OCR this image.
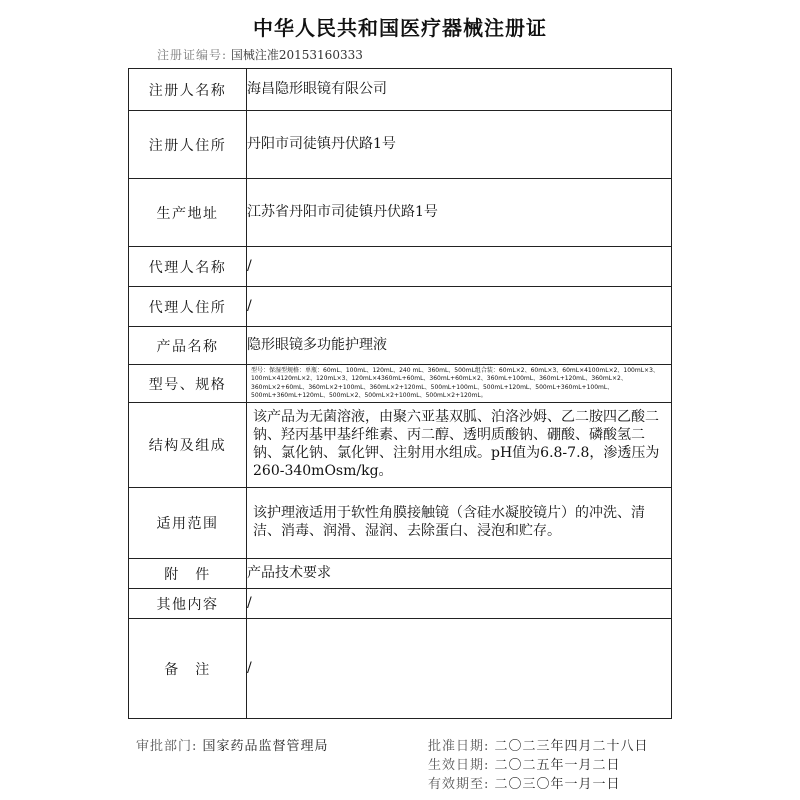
中华人民共和国医疗器械注册证
注册证编号: 国械注准20153160333
注册人名称	海昌隐形眼镜有限公司
注册人住所	丹阳市司徒镇丹伏路1号
生产地址	江苏省丹阳市司徒镇丹伏路1号
代理人名称	/
代理人住所	/
产品名称	隐形眼镜多功能护理液
型号、规格	型号：保湿型规格：单瓶：60mL、100mL、120mL、240 mL、360mL、500mL组合装：60mL×2、60mL×3、60mL×4100mL×2、100mL×3、100mL×4120mL×2、120mL×3、120mL×4360mL+60mL、360mL+60mL×2、360mL+100mL、360mL+120mL、360mL×2、360mL×2+60mL、360mL×2+100mL、360mL×2+120mL、500mL+100mL、500mL+120mL、500mL+360mL+100mL、500mL+360mL+120mL、500mL×2、500mL×2+100mL、500mL×2+120mL。
结构及组成	该产品为无菌溶液，由聚六亚基双胍、泊洛沙姆、乙二胺四乙酸二钠、羟丙基甲基纤维素、丙二醇、透明质酸钠、硼酸、磷酸氢二钠、氯化钠、氯化钾、注射用水组成。pH值为6.8-7.8，渗透压为260-340mOsm/kg。
适用范围	该护理液适用于软性角膜接触镜（含硅水凝胶镜片）的冲洗、清洁、消毒、润滑、湿润、去除蛋白、浸泡和贮存。
附　件	产品技术要求
其他内容	/
备　注	/
审批部门: 国家药品监督管理局	批准日期: 二〇二三年四月二十八日
生效日期: 二〇二五年一月二日
有效期至: 二〇三〇年一月一日
